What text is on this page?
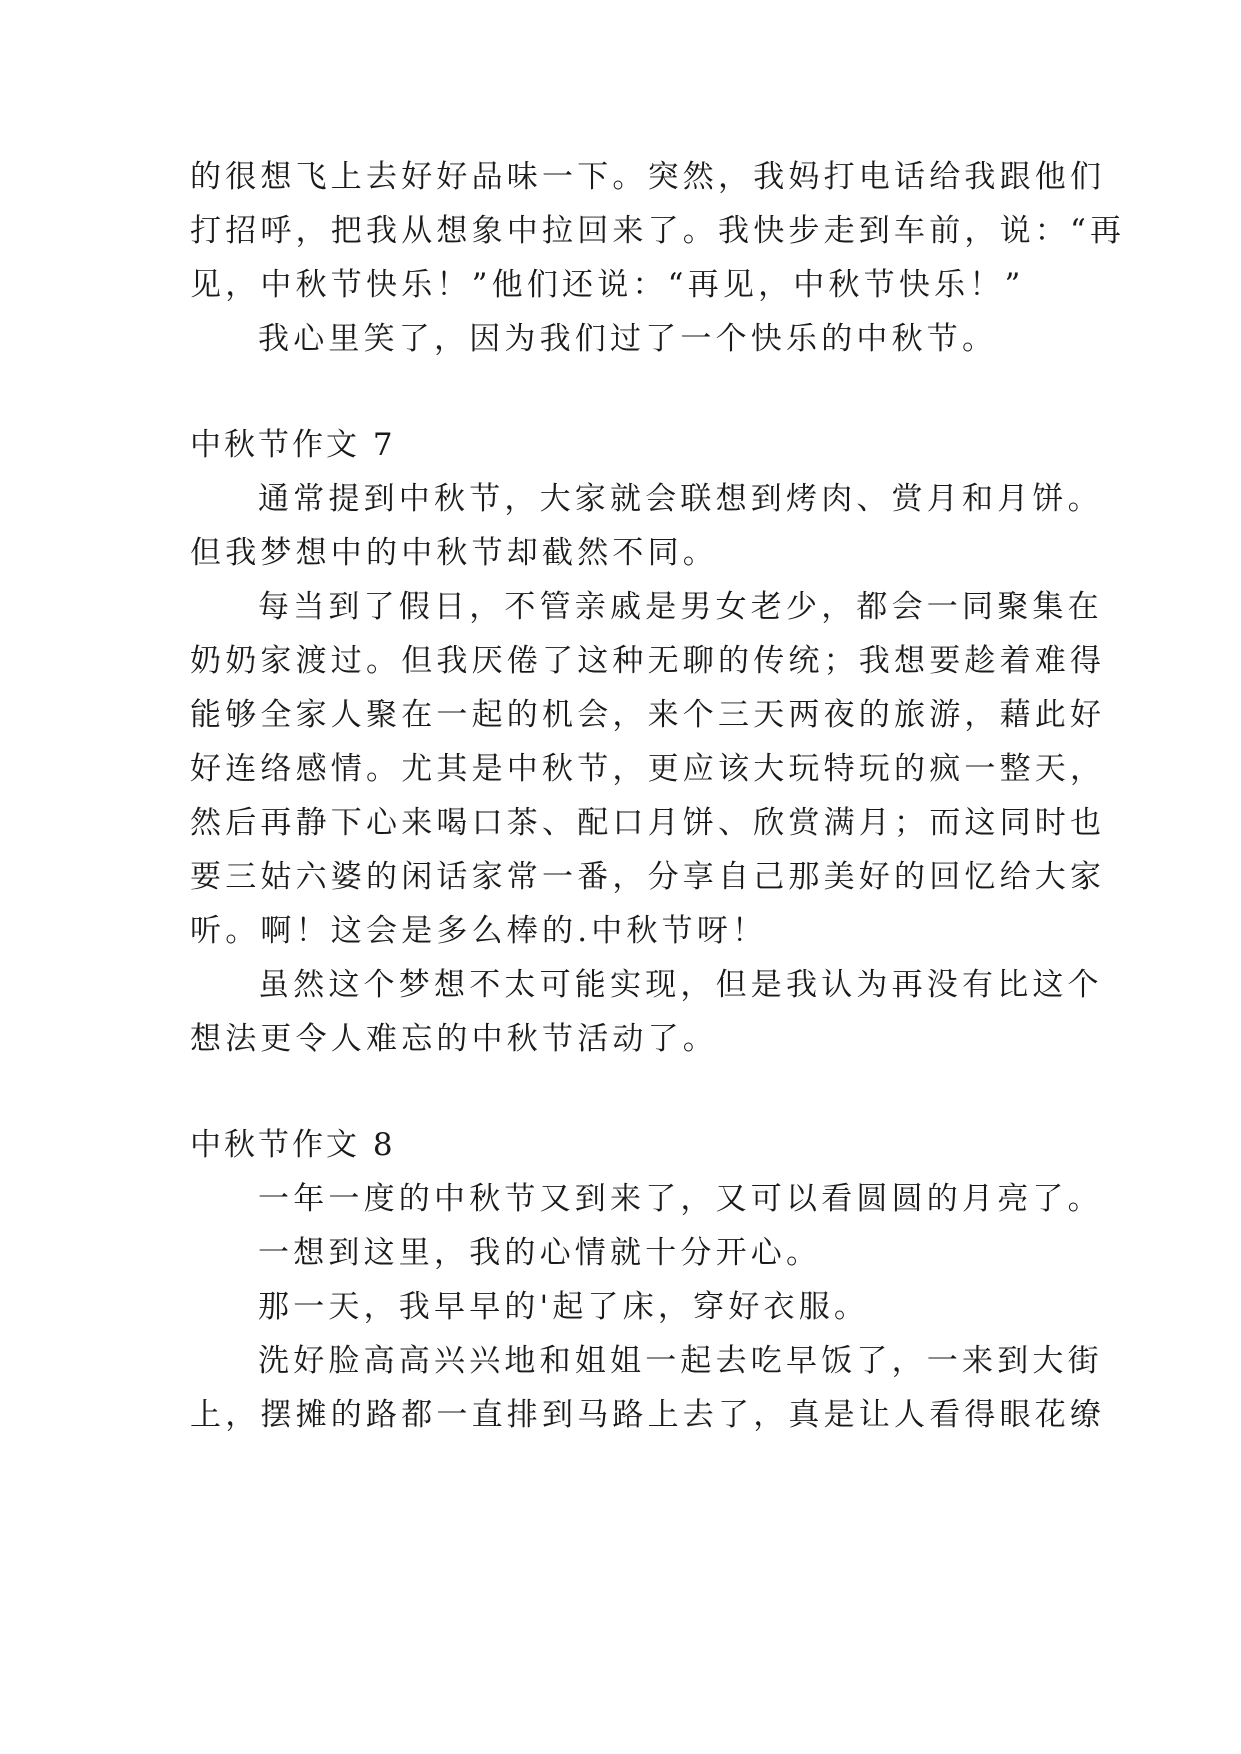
的很想飞上去好好品味一下。突然，我妈打电话给我跟他们

打招呼，把我从想象中拉回来了。我快步走到车前，说：“再

见，中秋节快乐！”他们还说：“再见，中秋节快乐！”

我心里笑了，因为我们过了一个快乐的中秋节。

中秋节作文 7

通常提到中秋节，大家就会联想到烤肉、赏月和月饼。

但我梦想中的中秋节却截然不同。

每当到了假日，不管亲戚是男女老少，都会一同聚集在

奶奶家渡过。但我厌倦了这种无聊的传统；我想要趁着难得

能够全家人聚在一起的机会，来个三天两夜的旅游，藉此好

好连络感情。尤其是中秋节，更应该大玩特玩的疯一整天，

然后再静下心来喝口茶、配口月饼、欣赏满月；而这同时也

要三姑六婆的闲话家常一番，分享自己那美好的回忆给大家

听。啊！这会是多么棒的.中秋节呀！

虽然这个梦想不太可能实现，但是我认为再没有比这个

想法更令人难忘的中秋节活动了。

中秋节作文 8

一年一度的中秋节又到来了，又可以看圆圆的月亮了。

一想到这里，我的心情就十分开心。

那一天，我早早的'起了床，穿好衣服。

洗好脸高高兴兴地和姐姐一起去吃早饭了，一来到大街

上，摆摊的路都一直排到马路上去了，真是让人看得眼花缭
